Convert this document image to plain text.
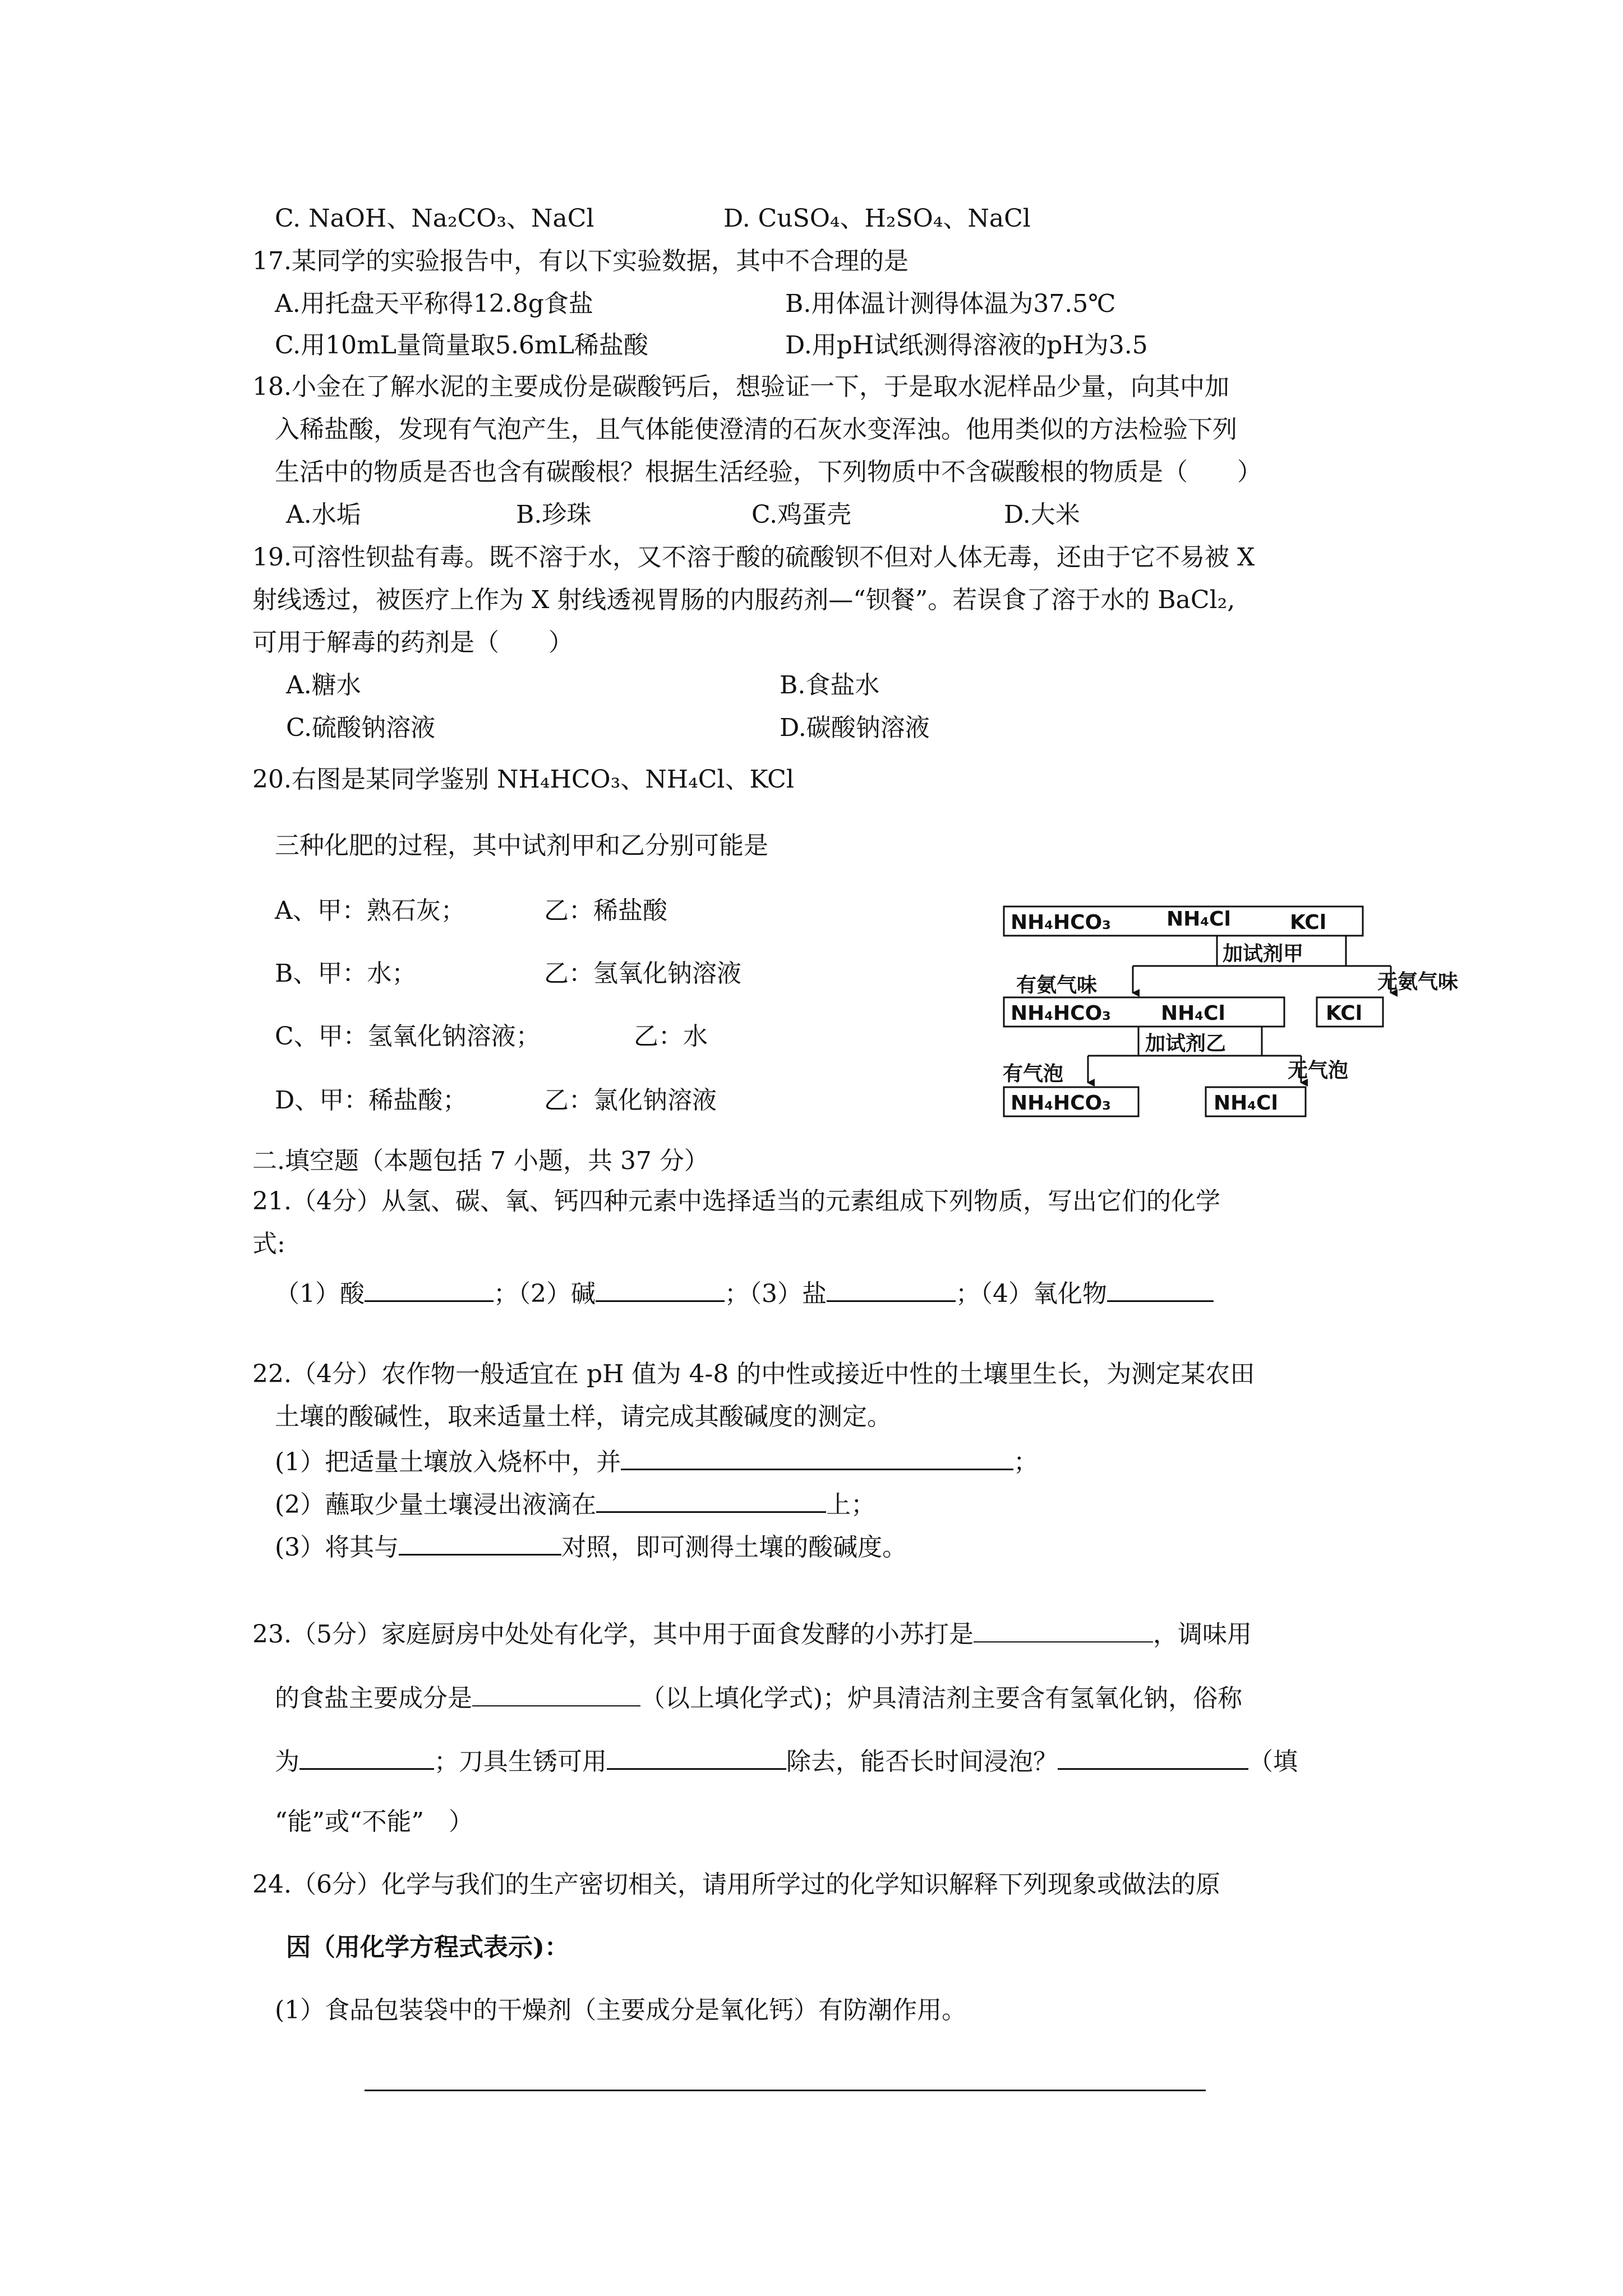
C. NaOH、Na₂CO₃、NaCl	D. CuSO₄、H₂SO₄、NaCl
17.某同学的实验报告中，有以下实验数据，其中不合理的是
A.用托盘天平称得12.8g食盐	B.用体温计测得体温为37.5℃
C.用10mL量筒量取5.6mL稀盐酸	D.用pH试纸测得溶液的pH为3.5
18.小金在了解水泥的主要成份是碳酸钙后，想验证一下，于是取水泥样品少量，向其中加
入稀盐酸，发现有气泡产生，且气体能使澄清的石灰水变浑浊。他用类似的方法检验下列
生活中的物质是否也含有碳酸根？根据生活经验，下列物质中不含碳酸根的物质是（　　）
A.水垢	B.珍珠	C.鸡蛋壳	D.大米
19.可溶性钡盐有毒。既不溶于水，又不溶于酸的硫酸钡不但对人体无毒，还由于它不易被 X
射线透过，被医疗上作为 X 射线透视胃肠的内服药剂—“钡餐”。若误食了溶于水的 BaCl₂,
可用于解毒的药剂是（　　）
A.糖水	B.食盐水
C.硫酸钠溶液	D.碳酸钠溶液
20.右图是某同学鉴别 NH₄HCO₃、NH₄Cl、KCl
三种化肥的过程，其中试剂甲和乙分别可能是
A、甲：熟石灰；	乙：稀盐酸
B、甲：水；	乙：氢氧化钠溶液
C、甲：氢氧化钠溶液；	乙：水
D、甲：稀盐酸；	乙：氯化钠溶液
NH₄HCO₃	NH₄Cl	KCl
加试剂甲
有氨气味	无氨气味
NH₄HCO₃ NH₄Cl	KCl
加试剂乙
有气泡	无气泡
NH₄HCO₃	NH₄Cl
二.填空题（本题包括 7 小题，共 37 分）
21.（4分）从氢、碳、氧、钙四种元素中选择适当的元素组成下列物质，写出它们的化学
式:
（1）酸	；（2）碱	；（3）盐	；（4）氧化物
22.（4分）农作物一般适宜在 pH 值为 4-8 的中性或接近中性的土壤里生长，为测定某农田
土壤的酸碱性，取来适量土样，请完成其酸碱度的测定。
(1）把适量土壤放入烧杯中，并	；
(2）蘸取少量土壤浸出液滴在	上；
(3）将其与	对照，即可测得土壤的酸碱度。
23.（5分）家庭厨房中处处有化学，其中用于面食发酵的小苏打是	，调味用
的食盐主要成分是	（以上填化学式)；炉具清洁剂主要含有氢氧化钠，俗称
为	；刀具生锈可用	除去，能否长时间浸泡？	（填
“能”或“不能”　）
24.（6分）化学与我们的生产密切相关，请用所学过的化学知识解释下列现象或做法的原
因（用化学方程式表示)：
(1）食品包装袋中的干燥剂（主要成分是氧化钙）有防潮作用。
